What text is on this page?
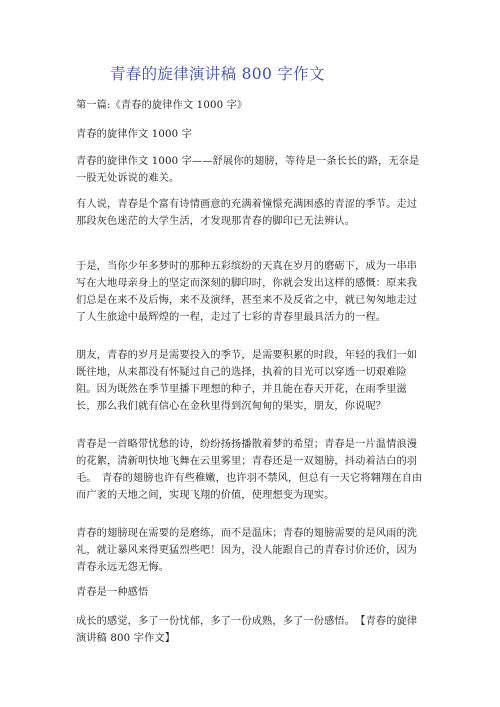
青春的旋律演讲稿 800 字作文

第一篇:《青春的旋律作文 1000 字》

青春的旋律作文 1000 字

青春的旋律作文 1000 字——舒展你的翅膀，等待是一条长长的路，无奈是一股无处诉说的难关。

有人说，青春是个富有诗情画意的充满着憧憬充满困惑的青涩的季节。走过那段灰色迷茫的大学生活，才发现那青春的脚印已无法辨认。

于是，当你少年多梦时的那种五彩缤纷的天真在岁月的磨砺下，成为一串串写在大地母亲身上的坚定而深刻的脚印时，你就会发出这样的感慨：原来我们总是在来不及后悔，来不及演绎，甚至来不及反省之中，就已匆匆地走过了人生旅途中最辉煌的一程，走过了七彩的青春里最具活力的一程。

朋友，青春的岁月是需要投入的季节，是需要积累的时段，年轻的我们一如既往地，从来都没有怀疑过自己的选择，执着的目光可以穿透一切艰难险阻。因为既然在季节里播下理想的种子，并且能在春天开花，在雨季里滋长，那么我们就有信心在金秋里得到沉甸甸的果实，朋友，你说呢？

青春是一首略带忧愁的诗，纷纷扬扬播散着梦的希望；青春是一片温情浪漫的花絮，清新明快地飞舞在云里雾里；青春还是一双翅膀，抖动着洁白的羽毛。　青春的翅膀也许有些稚嫩，也许羽不禁风，但总有一天它将翱翔在自由而广袤的天地之间，实现飞翔的价值，使理想变为现实。

青春的翅膀现在需要的是磨练，而不是温床；青春的翅膀需要的是风雨的洗礼，就让暴风来得更猛烈些吧！因为，没人能跟自己的青春讨价还价，因为青春永远无怨无悔。

青春是一种感悟

成长的感觉，多了一份忧郁，多了一份成熟，多了一份感悟。　【青春的旋律演讲稿 800 字作文】
